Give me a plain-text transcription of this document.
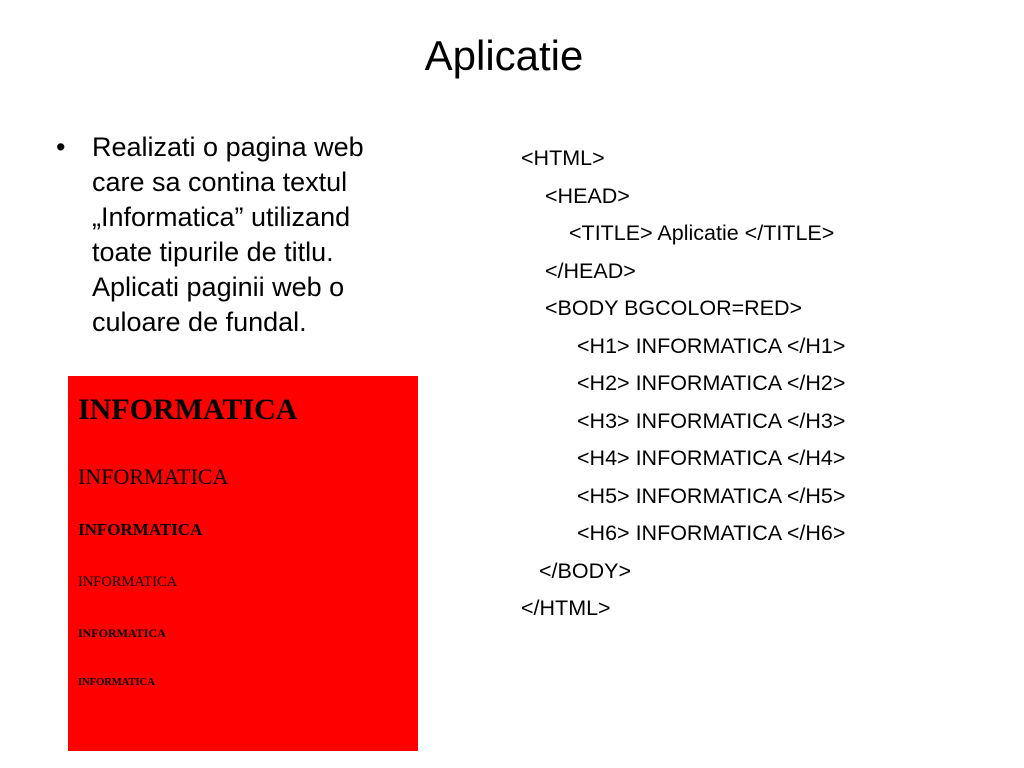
Aplicatie
• Realizati o pagina web
care sa contina textul
„Informatica” utilizand
toate tipurile de titlu.
Aplicati paginii web o
culoare de fundal.

INFORMATICA
INFORMATICA
INFORMATICA
INFORMATICA
INFORMATICA
INFORMATICA
<HTML>
<HEAD>
<TITLE> Aplicatie </TITLE>
</HEAD>
<BODY BGCOLOR=RED>
<H1> INFORMATICA </H1>
<H2> INFORMATICA </H2>
<H3> INFORMATICA </H3>
<H4> INFORMATICA </H4>
<H5> INFORMATICA </H5>
<H6> INFORMATICA </H6>
</BODY>
</HTML>
